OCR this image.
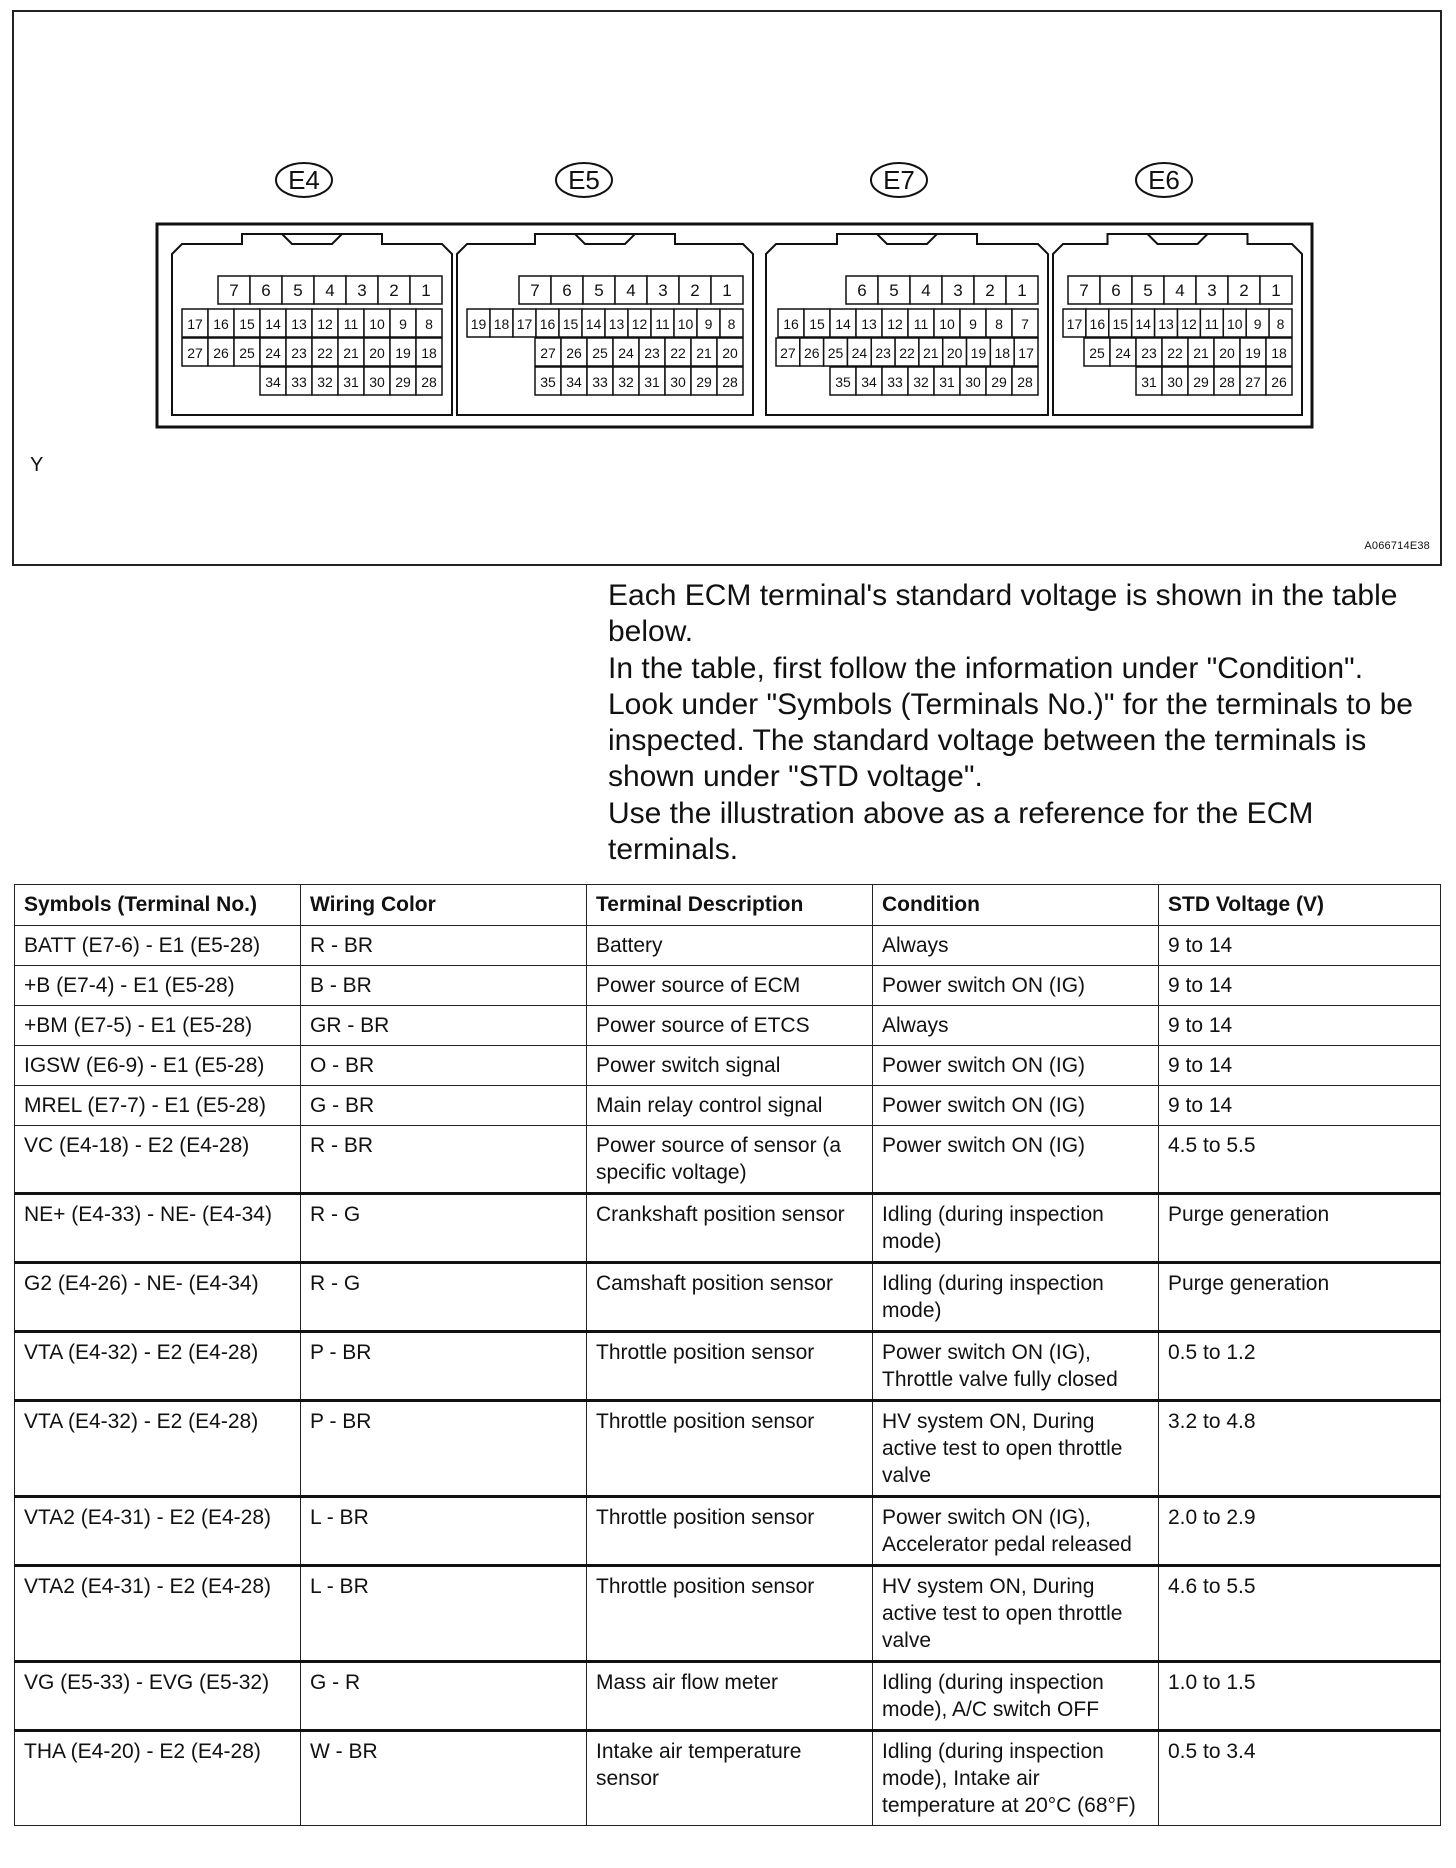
E4
7 6 5 4 3 2 1
17 16 15 14 13 12 11 10 9 8
27 26 25 24 23 22 21 20 19 18
34 33 32 31 30 29 28
E5
7 6 5 4 3 2 1
19 18 17 16 15 14 13 12 11 10 9 8
27 26 25 24 23 22 21 20
35 34 33 32 31 30 29 28
E7
6 5 4 3 2 1
16 15 14 13 12 11 10 9 8 7
27 26 25 24 23 22 21 20 19 18 17
35 34 33 32 31 30 29 28
E6
7 6 5 4 3 2 1
17 16 15 14 13 12 11 10 9 8
25 24 23 22 21 20 19 18
31 30 29 28 27 26
Y
A066714E38

Each ECM terminal's standard voltage is shown in the table below.

In the table, first follow the information under "Condition".

Look under "Symbols (Terminals No.)" for the terminals to be inspected. The standard voltage between the terminals is shown under "STD voltage".

Use the illustration above as a reference for the ECM terminals.

Symbols (Terminal No.)	Wiring Color	Terminal Description	Condition	STD Voltage (V)
BATT (E7-6) - E1 (E5-28)	R - BR	Battery	Always	9 to 14
+B (E7-4) - E1 (E5-28)	B - BR	Power source of ECM	Power switch ON (IG)	9 to 14
+BM (E7-5) - E1 (E5-28)	GR - BR	Power source of ETCS	Always	9 to 14
IGSW (E6-9) - E1 (E5-28)	O - BR	Power switch signal	Power switch ON (IG)	9 to 14
MREL (E7-7) - E1 (E5-28)	G - BR	Main relay control signal	Power switch ON (IG)	9 to 14
VC (E4-18) - E2 (E4-28)	R - BR	Power source of sensor (a specific voltage)	Power switch ON (IG)	4.5 to 5.5
NE+ (E4-33) - NE- (E4-34)	R - G	Crankshaft position sensor	Idling (during inspection mode)	Purge generation
G2 (E4-26) - NE- (E4-34)	R - G	Camshaft position sensor	Idling (during inspection mode)	Purge generation
VTA (E4-32) - E2 (E4-28)	P - BR	Throttle position sensor	Power switch ON (IG), Throttle valve fully closed	0.5 to 1.2
VTA (E4-32) - E2 (E4-28)	P - BR	Throttle position sensor	HV system ON, During active test to open throttle valve	3.2 to 4.8
VTA2 (E4-31) - E2 (E4-28)	L - BR	Throttle position sensor	Power switch ON (IG), Accelerator pedal released	2.0 to 2.9
VTA2 (E4-31) - E2 (E4-28)	L - BR	Throttle position sensor	HV system ON, During active test to open throttle valve	4.6 to 5.5
VG (E5-33) - EVG (E5-32)	G - R	Mass air flow meter	Idling (during inspection mode), A/C switch OFF	1.0 to 1.5
THA (E4-20) - E2 (E4-28)	W - BR	Intake air temperature sensor	Idling (during inspection mode), Intake air temperature at 20°C (68°F)	0.5 to 3.4
